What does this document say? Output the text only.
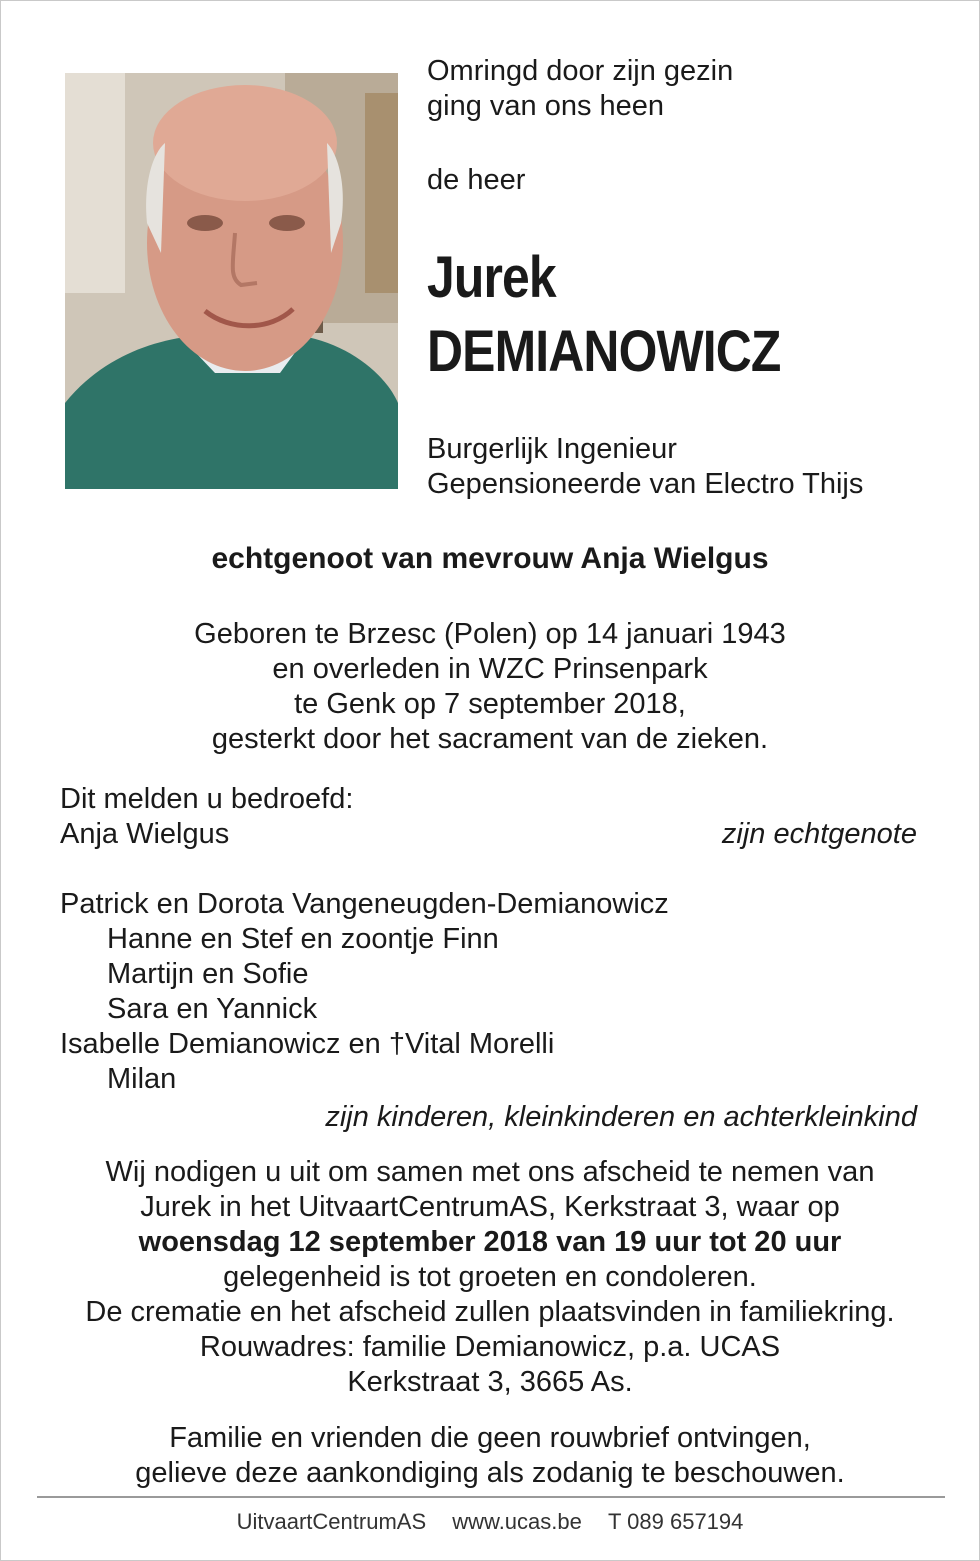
Omringd door zijn gezin
ging van ons heen
de heer
Jurek
DEMIANOWICZ
Burgerlijk Ingenieur
Gepensioneerde van Electro Thijs
echtgenoot van mevrouw Anja Wielgus
Geboren te Brzesc (Polen) op 14 januari 1943
en overleden in WZC Prinsenpark
te Genk op 7 september 2018,
gesterkt door het sacrament van de zieken.
Dit melden u bedroefd:
Anja Wielgus	zijn echtgenote
Patrick en Dorota Vangeneugden-Demianowicz
Hanne en Stef en zoontje Finn
Martijn en Sofie
Sara en Yannick
Isabelle Demianowicz en †Vital Morelli
Milan
zijn kinderen, kleinkinderen en achterkleinkind
Wij nodigen u uit om samen met ons afscheid te nemen van
Jurek in het UitvaartCentrumAS, Kerkstraat 3, waar op
woensdag 12 september 2018 van 19 uur tot 20 uur
gelegenheid is tot groeten en condoleren.
De crematie en het afscheid zullen plaatsvinden in familiekring.
Rouwadres: familie Demianowicz, p.a. UCAS
Kerkstraat 3, 3665 As.
Familie en vrienden die geen rouwbrief ontvingen,
gelieve deze aankondiging als zodanig te beschouwen.
UitvaartCentrumAS www.ucas.be T 089 657194
